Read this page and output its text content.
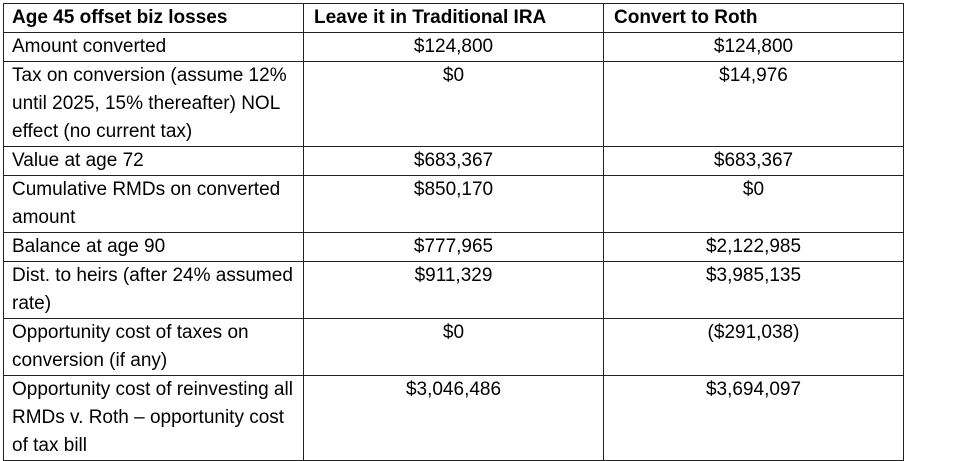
Age 45 offset biz losses	Leave it in Traditional IRA	Convert to Roth
Amount converted	$124,800	$124,800
Tax on conversion (assume 12% until 2025, 15% thereafter) NOL effect (no current tax)	$0	$14,976
Value at age 72	$683,367	$683,367
Cumulative RMDs on converted amount	$850,170	$0
Balance at age 90	$777,965	$2,122,985
Dist. to heirs (after 24% assumed rate)	$911,329	$3,985,135
Opportunity cost of taxes on conversion (if any)	$0	($291,038)
Opportunity cost of reinvesting all RMDs v. Roth – opportunity cost of tax bill	$3,046,486	$3,694,097
